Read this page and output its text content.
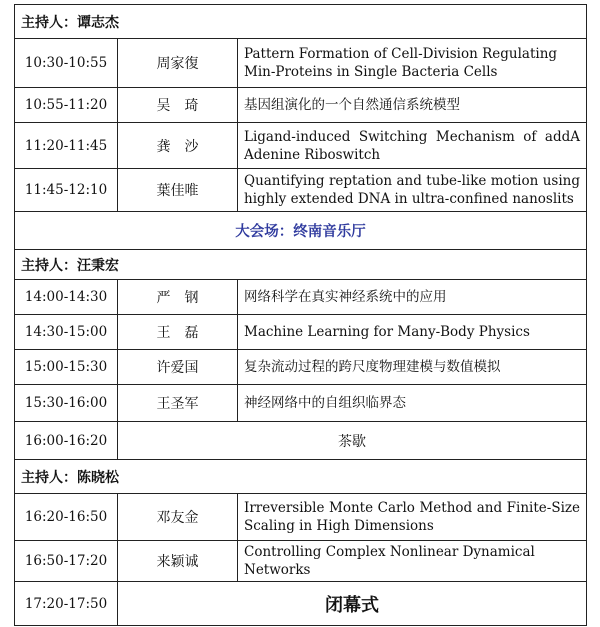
主持人：谭志杰		
10:30-10:55	周家復	Pattern Formation of Cell-Division Regulating Min-Proteins in Single Bacteria Cells
10:55-11:20	吴　琦	基因组演化的一个自然通信系统模型
11:20-11:45	龚　沙	Ligand-induced Switching Mechanism of addA Adenine Riboswitch
11:45-12:10	葉佳唯	Quantifying reptation and tube-like motion using highly extended DNA in ultra-confined nanoslits
大会场：终南音乐厅		
主持人：汪秉宏		
14:00-14:30	严　钢	网络科学在真实神经系统中的应用
14:30-15:00	王　磊	Machine Learning for Many-Body Physics
15:00-15:30	许爱国	复杂流动过程的跨尺度物理建模与数值模拟
15:30-16:00	王圣军	神经网络中的自组织临界态
16:00-16:20	茶歇	
主持人：陈晓松		
16:20-16:50	邓友金	Irreversible Monte Carlo Method and Finite-Size Scaling in High Dimensions
16:50-17:20	来颖诚	Controlling Complex Nonlinear Dynamical Networks
17:20-17:50	闭幕式	
